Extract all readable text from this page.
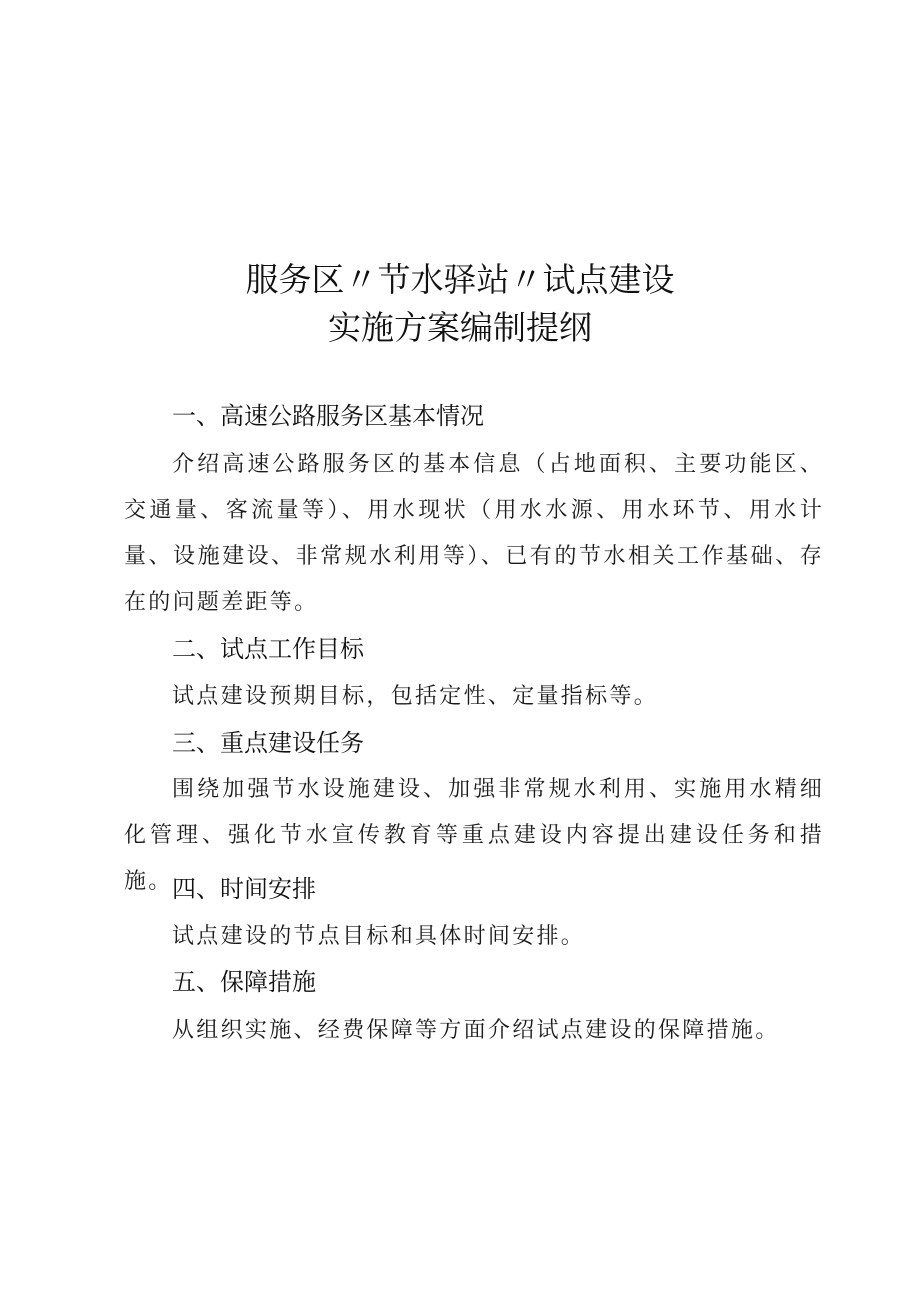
服务区〃节水驿站〃试点建设
实施方案编制提纲
一、高速公路服务区基本情况
介绍高速公路服务区的基本信息（占地面积、主要功能区、交通量、客流量等）、用水现状（用水水源、用水环节、用水计量、设施建设、非常规水利用等）、已有的节水相关工作基础、存在的问题差距等。
二、试点工作目标
试点建设预期目标，包括定性、定量指标等。
三、重点建设任务
围绕加强节水设施建设、加强非常规水利用、实施用水精细化管理、强化节水宣传教育等重点建设内容提出建设任务和措施。 四、时间安排
试点建设的节点目标和具体时间安排。
五、保障措施
从组织实施、经费保障等方面介绍试点建设的保障措施。
